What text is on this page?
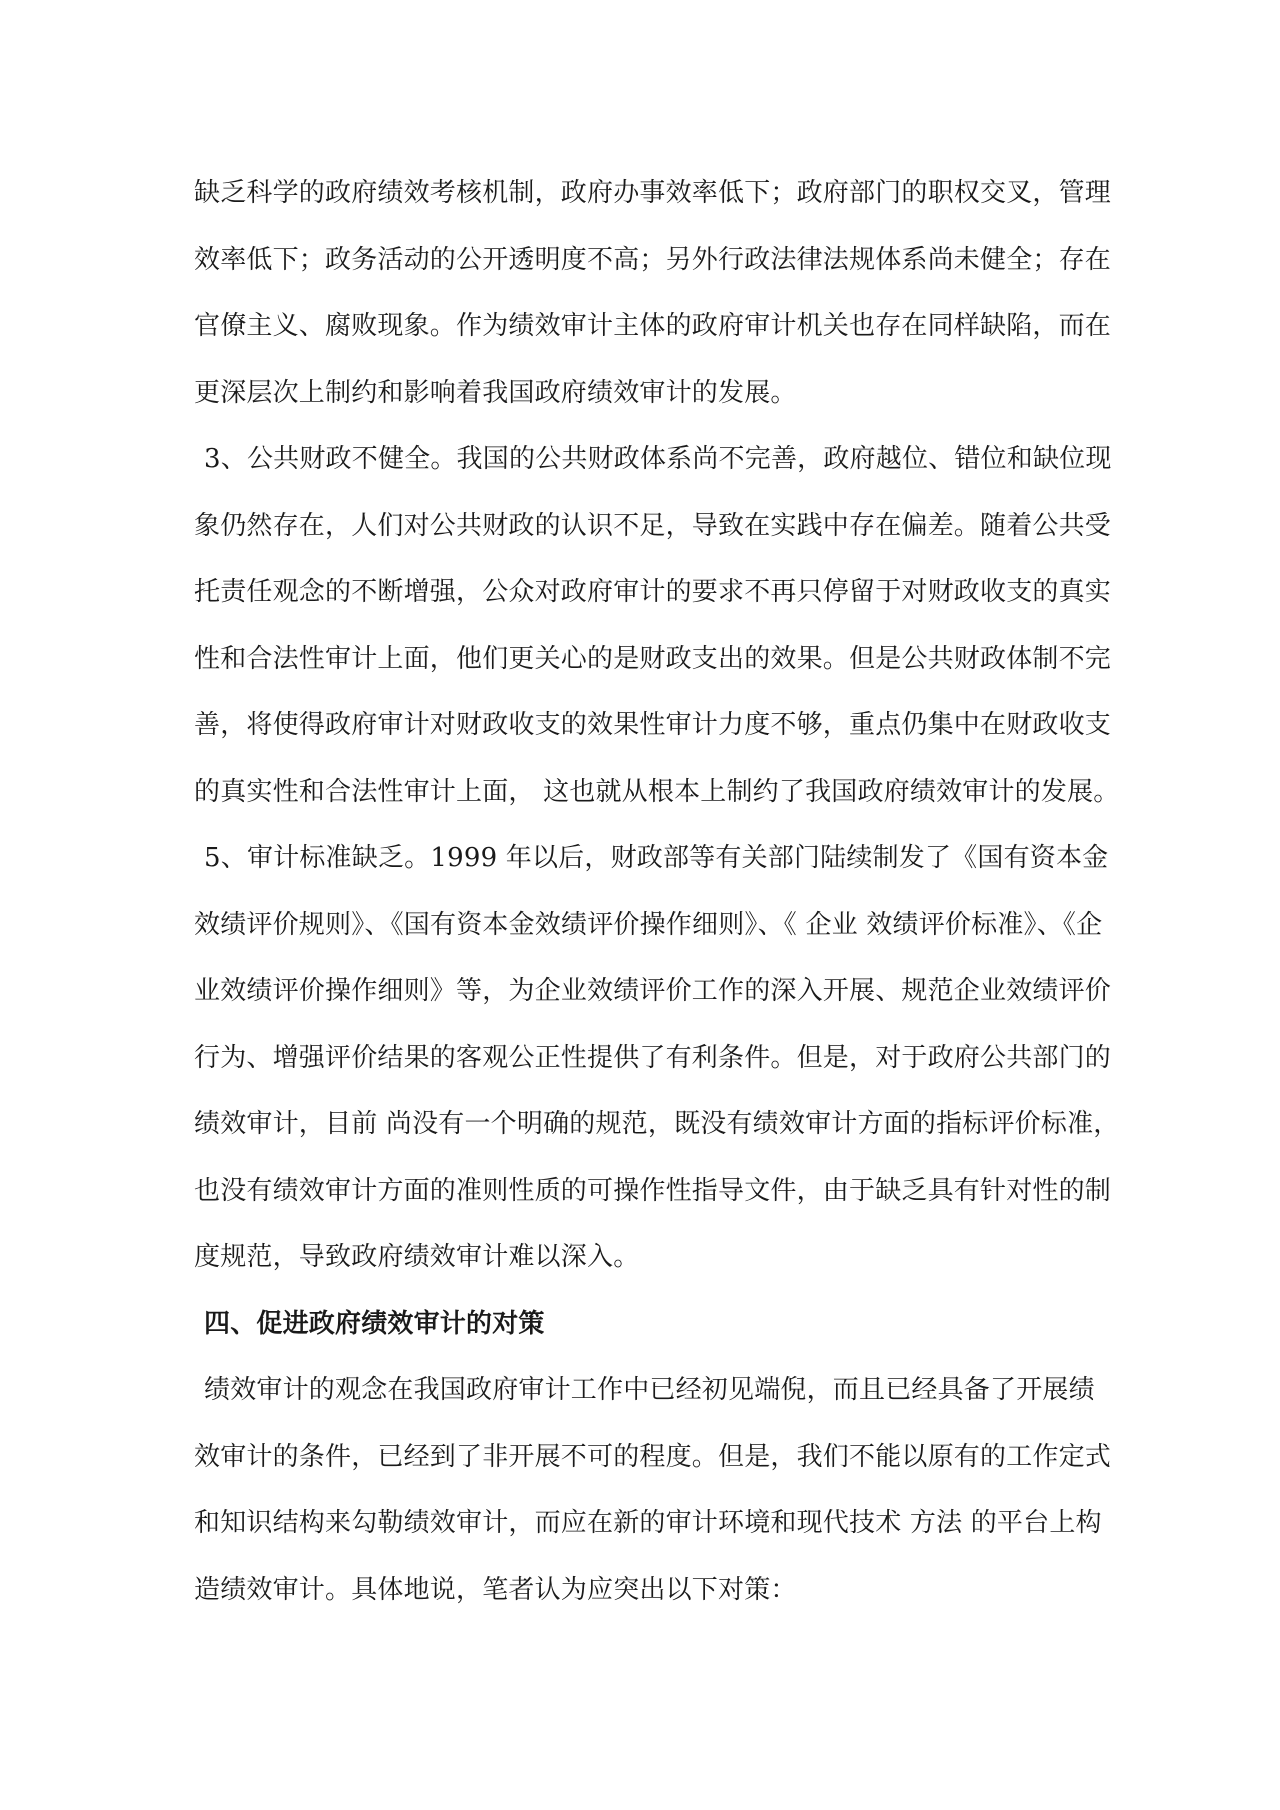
缺乏科学的政府绩效考核机制，政府办事效率低下；政府部门的职权交叉，管理
效率低下；政务活动的公开透明度不高；另外行政法律法规体系尚未健全；存在
官僚主义、腐败现象。作为绩效审计主体的政府审计机关也存在同样缺陷，而在
更深层次上制约和影响着我国政府绩效审计的发展。
3、公共财政不健全。我国的公共财政体系尚不完善，政府越位、错位和缺位现
象仍然存在，人们对公共财政的认识不足，导致在实践中存在偏差。随着公共受
托责任观念的不断增强，公众对政府审计的要求不再只停留于对财政收支的真实
性和合法性审计上面，他们更关心的是财政支出的效果。但是公共财政体制不完
善，将使得政府审计对财政收支的效果性审计力度不够，重点仍集中在财政收支
的真实性和合法性审计上面， 这也就从根本上制约了我国政府绩效审计的发展。
5、审计标准缺乏。1999 年以后，财政部等有关部门陆续制发了《国有资本金
效绩评价规则》、《国有资本金效绩评价操作细则》、《 企业 效绩评价标准》、《企
业效绩评价操作细则》等，为企业效绩评价工作的深入开展、规范企业效绩评价
行为、增强评价结果的客观公正性提供了有利条件。但是，对于政府公共部门的
绩效审计，目前 尚没有一个明确的规范，既没有绩效审计方面的指标评价标准，
也没有绩效审计方面的准则性质的可操作性指导文件，由于缺乏具有针对性的制
度规范，导致政府绩效审计难以深入。
四、促进政府绩效审计的对策
绩效审计的观念在我国政府审计工作中已经初见端倪，而且已经具备了开展绩
效审计的条件，已经到了非开展不可的程度。但是，我们不能以原有的工作定式
和知识结构来勾勒绩效审计，而应在新的审计环境和现代技术 方法 的平台上构
造绩效审计。具体地说，笔者认为应突出以下对策：
